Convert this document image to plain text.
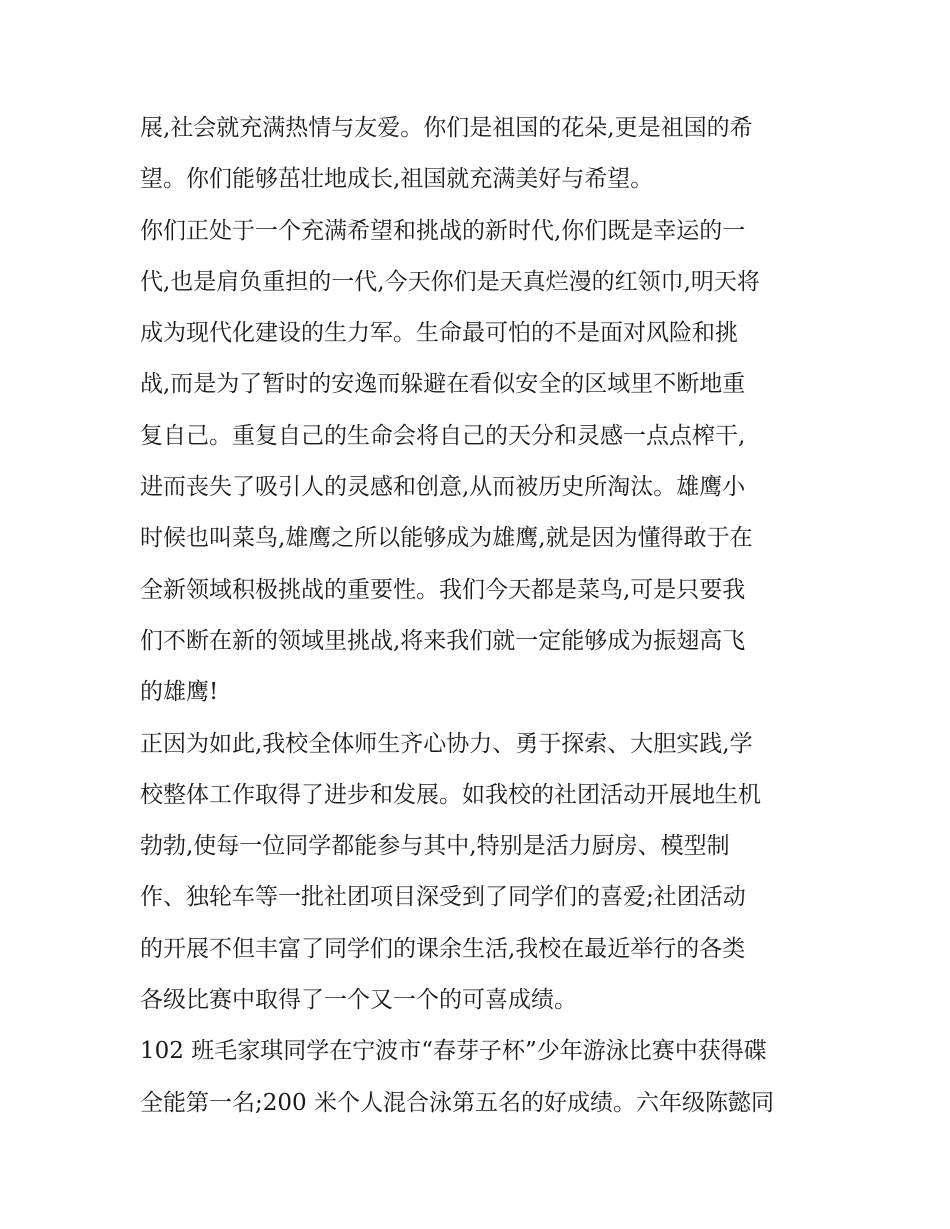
展,社会就充满热情与友爱。你们是祖国的花朵,更是祖国的希
望。你们能够茁壮地成长,祖国就充满美好与希望。
你们正处于一个充满希望和挑战的新时代,你们既是幸运的一
代,也是肩负重担的一代,今天你们是天真烂漫的红领巾,明天将
成为现代化建设的生力军。生命最可怕的不是面对风险和挑
战,而是为了暂时的安逸而躲避在看似安全的区域里不断地重
复自己。重复自己的生命会将自己的天分和灵感一点点榨干,
进而丧失了吸引人的灵感和创意,从而被历史所淘汰。雄鹰小
时候也叫菜鸟,雄鹰之所以能够成为雄鹰,就是因为懂得敢于在
全新领域积极挑战的重要性。我们今天都是菜鸟,可是只要我
们不断在新的领域里挑战,将来我们就一定能够成为振翅高飞
的雄鹰!
正因为如此,我校全体师生齐心协力、勇于探索、大胆实践,学
校整体工作取得了进步和发展。如我校的社团活动开展地生机
勃勃,使每一位同学都能参与其中,特别是活力厨房、模型制
作、独轮车等一批社团项目深受到了同学们的喜爱;社团活动
的开展不但丰富了同学们的课余生活,我校在最近举行的各类
各级比赛中取得了一个又一个的可喜成绩。
102 班毛家琪同学在宁波市“春芽子杯”少年游泳比赛中获得碟
全能第一名;200 米个人混合泳第五名的好成绩。六年级陈懿同
